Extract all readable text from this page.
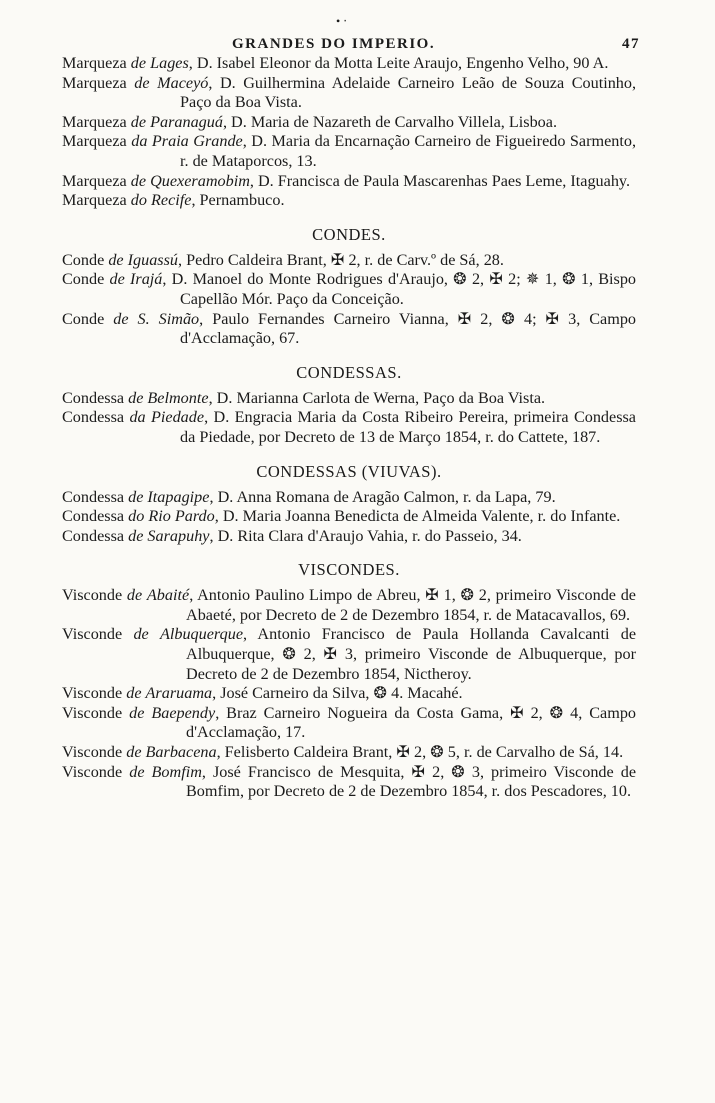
• ‧
GRANDES DO IMPERIO.	47

Marqueza de Lages, D. Isabel Eleonor da Motta Leite Araujo, Engenho Velho, 90 A.

Marqueza de Maceyó, D. Guilhermina Adelaide Carneiro Leão de Souza Coutinho, Paço da Boa Vista.

Marqueza de Paranaguá, D. Maria de Nazareth de Carvalho Villela, Lisboa.

Marqueza da Praia Grande, D. Maria da Encarnação Carneiro de Figueiredo Sarmento, r. de Mataporcos, 13.

Marqueza de Quexeramobim, D. Francisca de Paula Mascarenhas Paes Leme, Itaguahy.

Marqueza do Recife, Pernambuco.

CONDES.

Conde de Iguassú, Pedro Caldeira Brant, ✠ 2, r. de Carv.º de Sá, 28.

Conde de Irajá, D. Manoel do Monte Rodrigues d'Araujo, ❂ 2, ✠ 2; ✵ 1, ❂ 1, Bispo Capellão Mór. Paço da Conceição.

Conde de S. Simão, Paulo Fernandes Carneiro Vianna, ✠ 2, ❂ 4; ✠ 3, Campo d'Acclamação, 67.

CONDESSAS.

Condessa de Belmonte, D. Marianna Carlota de Werna, Paço da Boa Vista.

Condessa da Piedade, D. Engracia Maria da Costa Ribeiro Pereira, primeira Condessa da Piedade, por Decreto de 13 de Março 1854, r. do Cattete, 187.

CONDESSAS (VIUVAS).

Condessa de Itapagipe, D. Anna Romana de Aragão Calmon, r. da Lapa, 79.

Condessa do Rio Pardo, D. Maria Joanna Benedicta de Almeida Valente, r. do Infante.

Condessa de Sarapuhy, D. Rita Clara d'Araujo Vahia, r. do Passeio, 34.

VISCONDES.

Visconde de Abaité, Antonio Paulino Limpo de Abreu, ✠ 1, ❂ 2, primeiro Visconde de Abaeté, por Decreto de 2 de Dezembro 1854, r. de Matacavallos, 69.

Visconde de Albuquerque, Antonio Francisco de Paula Hollanda Cavalcanti de Albuquerque, ❂ 2, ✠ 3, primeiro Visconde de Albuquerque, por Decreto de 2 de Dezembro 1854, Nictheroy.

Visconde de Araruama, José Carneiro da Silva, ❂ 4. Macahé.

Visconde de Baependy, Braz Carneiro Nogueira da Costa Gama, ✠ 2, ❂ 4, Campo d'Acclamação, 17.

Visconde de Barbacena, Felisberto Caldeira Brant, ✠ 2, ❂ 5, r. de Carvalho de Sá, 14.

Visconde de Bomfim, José Francisco de Mesquita, ✠ 2, ❂ 3, primeiro Visconde de Bomfim, por Decreto de 2 de Dezembro 1854, r. dos Pescadores, 10.
